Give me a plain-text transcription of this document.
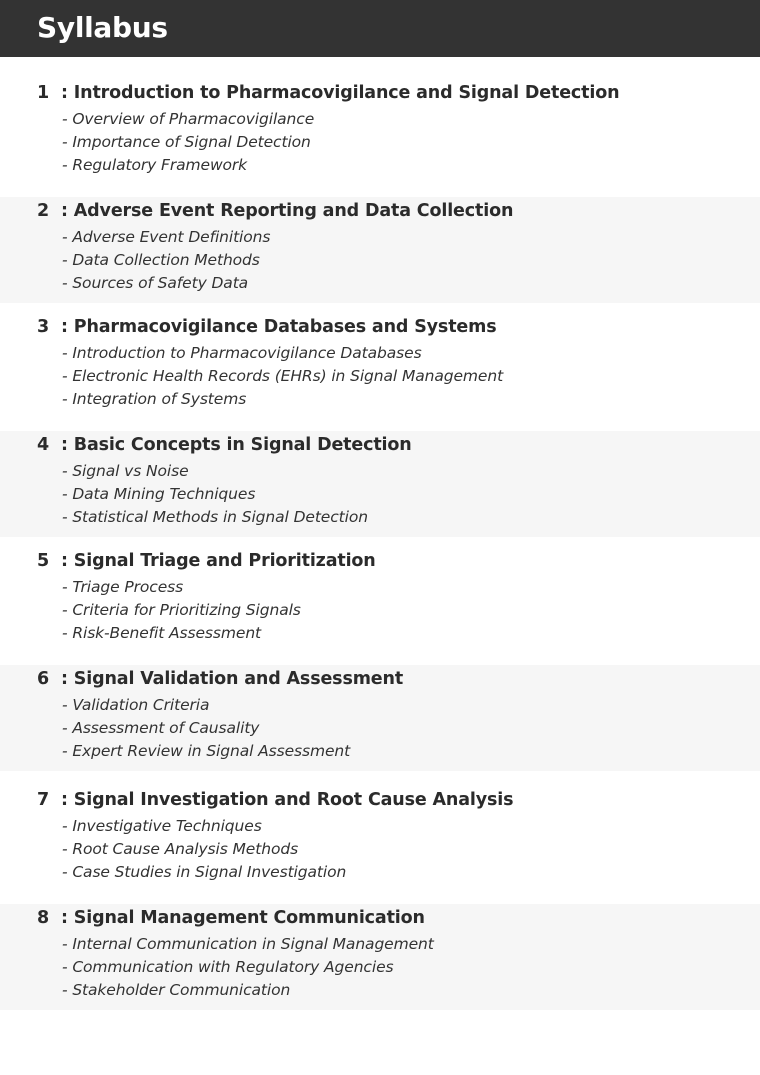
Syllabus
1 : Introduction to Pharmacovigilance and Signal Detection
- Overview of Pharmacovigilance
- Importance of Signal Detection
- Regulatory Framework
2 : Adverse Event Reporting and Data Collection
- Adverse Event Definitions
- Data Collection Methods
- Sources of Safety Data
3 : Pharmacovigilance Databases and Systems
- Introduction to Pharmacovigilance Databases
- Electronic Health Records (EHRs) in Signal Management
- Integration of Systems
4 : Basic Concepts in Signal Detection
- Signal vs Noise
- Data Mining Techniques
- Statistical Methods in Signal Detection
5 : Signal Triage and Prioritization
- Triage Process
- Criteria for Prioritizing Signals
- Risk-Benefit Assessment
6 : Signal Validation and Assessment
- Validation Criteria
- Assessment of Causality
- Expert Review in Signal Assessment
7 : Signal Investigation and Root Cause Analysis
- Investigative Techniques
- Root Cause Analysis Methods
- Case Studies in Signal Investigation
8 : Signal Management Communication
- Internal Communication in Signal Management
- Communication with Regulatory Agencies
- Stakeholder Communication
